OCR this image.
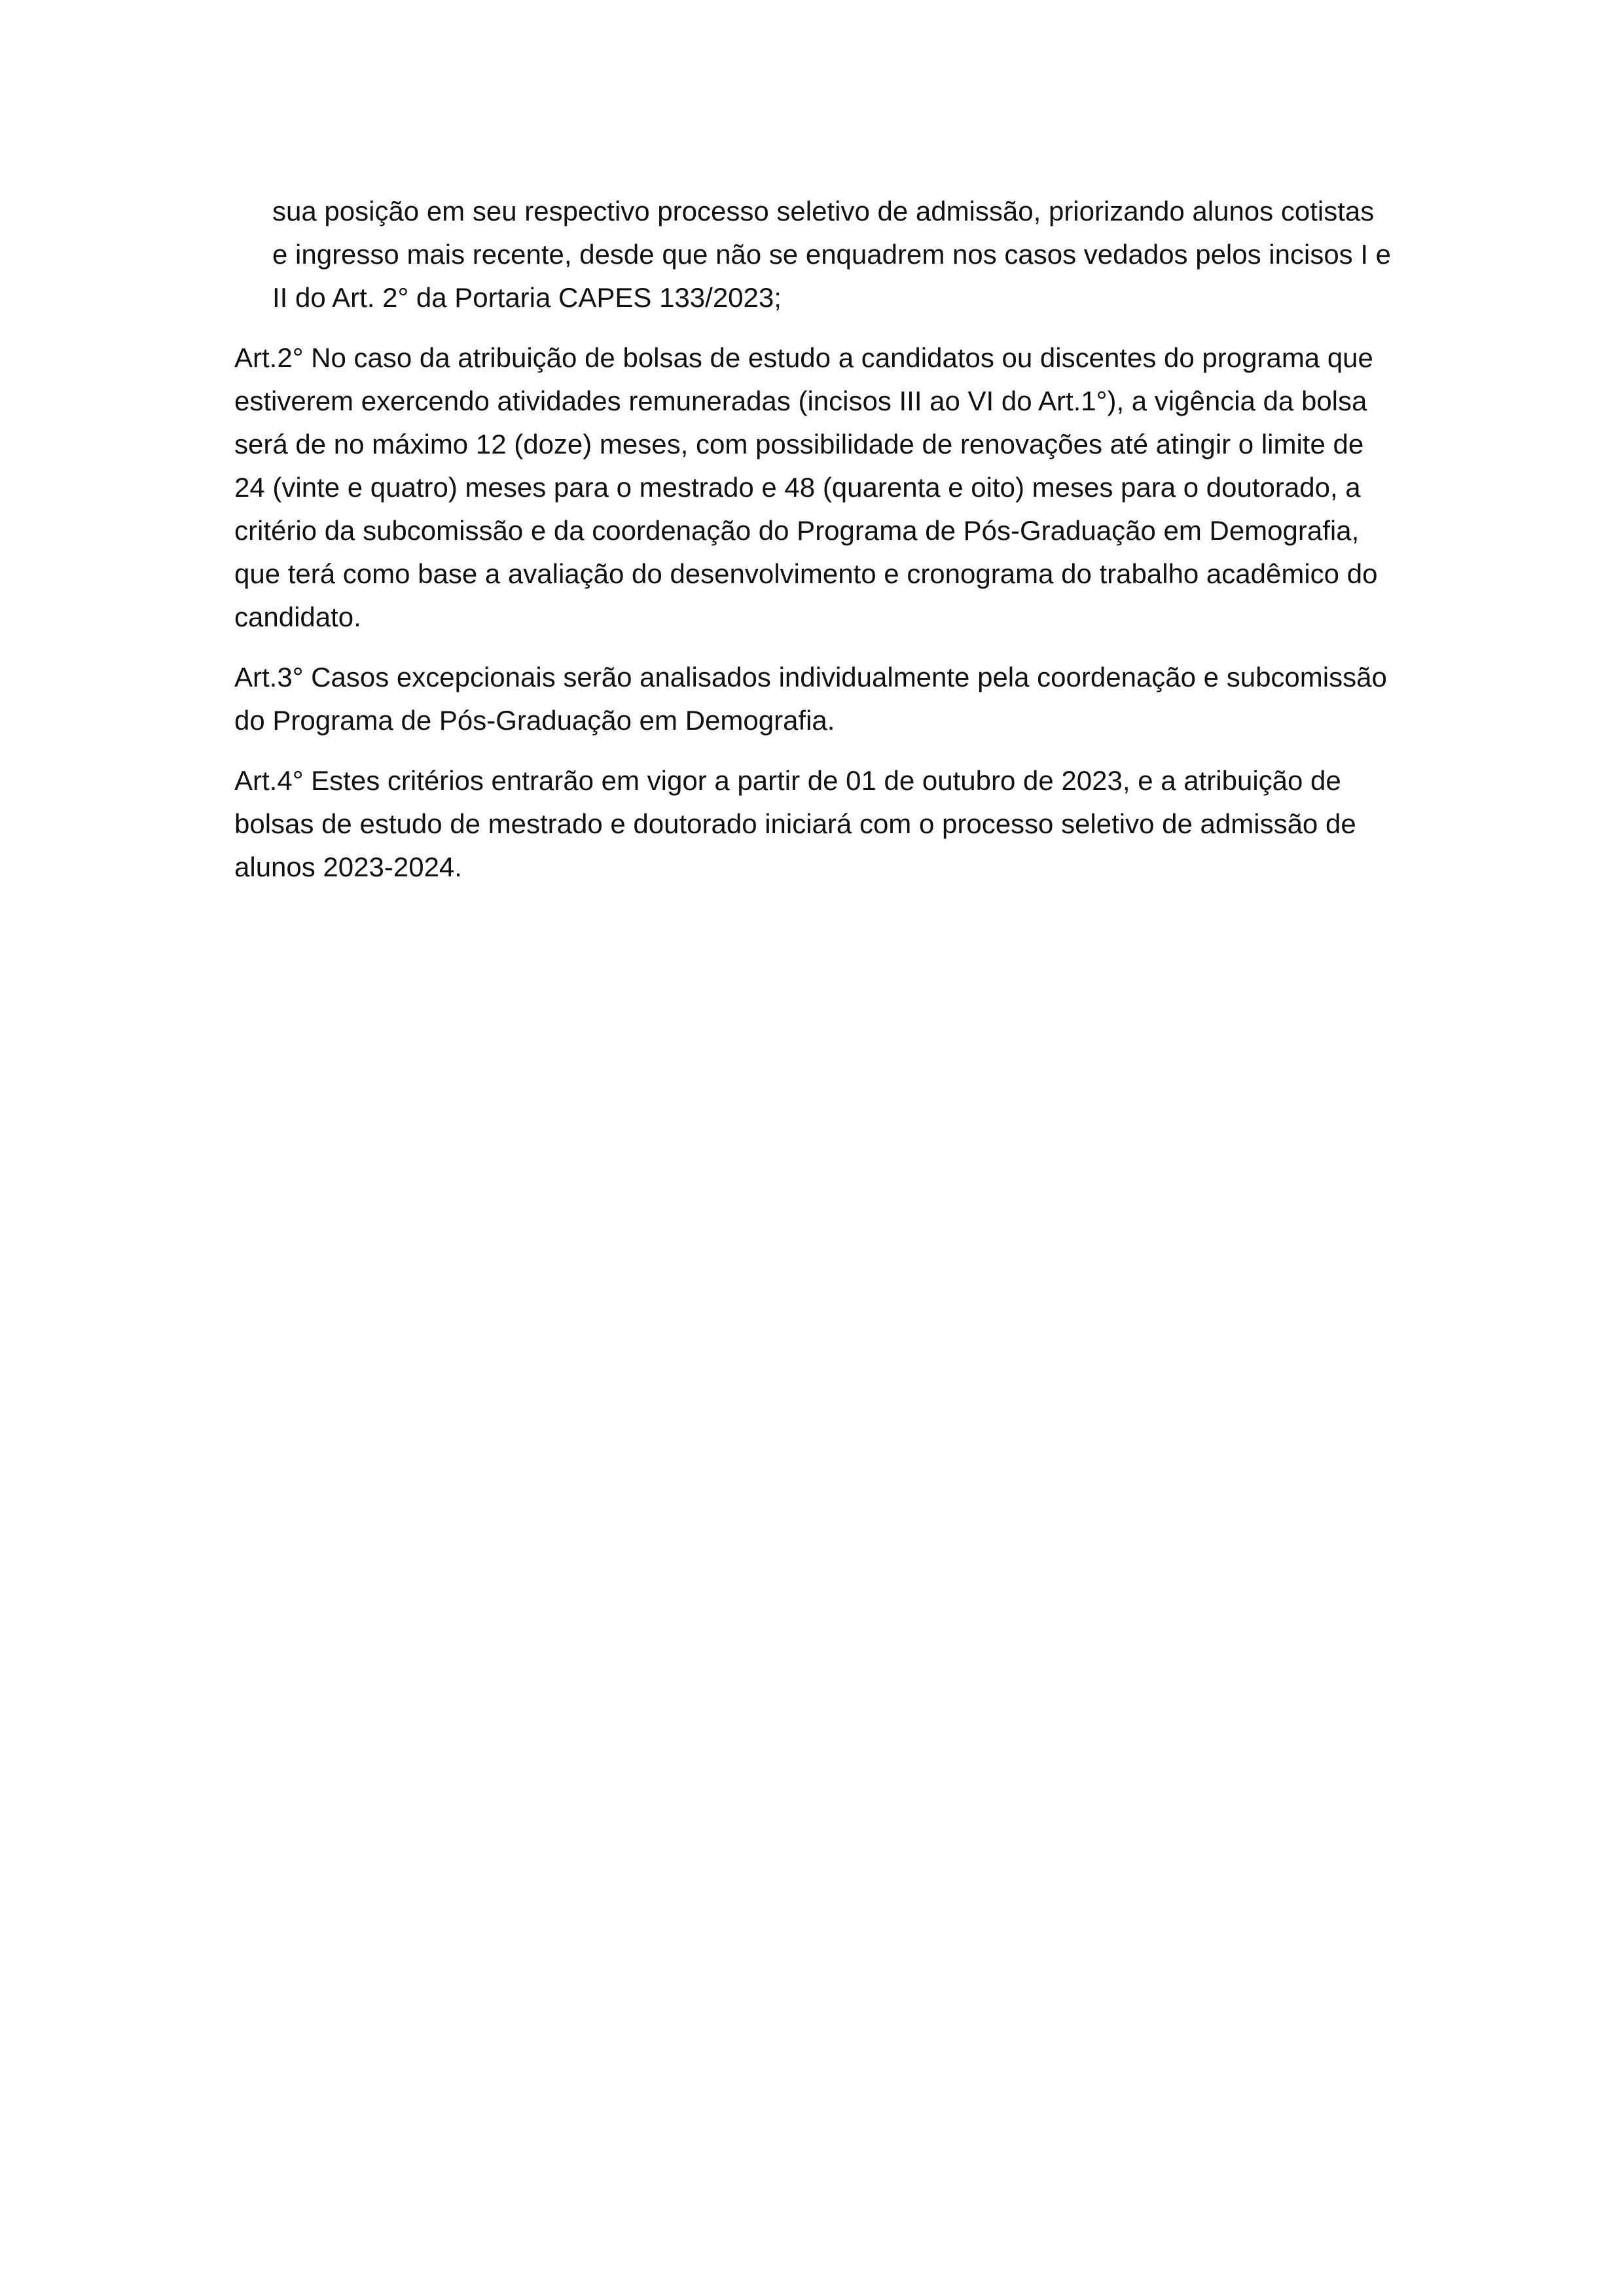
sua posição em seu respectivo processo seletivo de admissão, priorizando alunos cotistas e ingresso mais recente, desde que não se enquadrem nos casos vedados pelos incisos I e II do Art. 2° da Portaria CAPES 133/2023;

Art.2° No caso da atribuição de bolsas de estudo a candidatos ou discentes do programa que estiverem exercendo atividades remuneradas (incisos III ao VI do Art.1°), a vigência da bolsa será de no máximo 12 (doze) meses, com possibilidade de renovações até atingir o limite de 24 (vinte e quatro) meses para o mestrado e 48 (quarenta e oito) meses para o doutorado, a critério da subcomissão e da coordenação do Programa de Pós-Graduação em Demografia, que terá como base a avaliação do desenvolvimento e cronograma do trabalho acadêmico do candidato.

Art.3° Casos excepcionais serão analisados individualmente pela coordenação e subcomissão do Programa de Pós-Graduação em Demografia.

Art.4° Estes critérios entrarão em vigor a partir de 01 de outubro de 2023, e a atribuição de bolsas de estudo de mestrado e doutorado iniciará com o processo seletivo de admissão de alunos 2023-2024.
